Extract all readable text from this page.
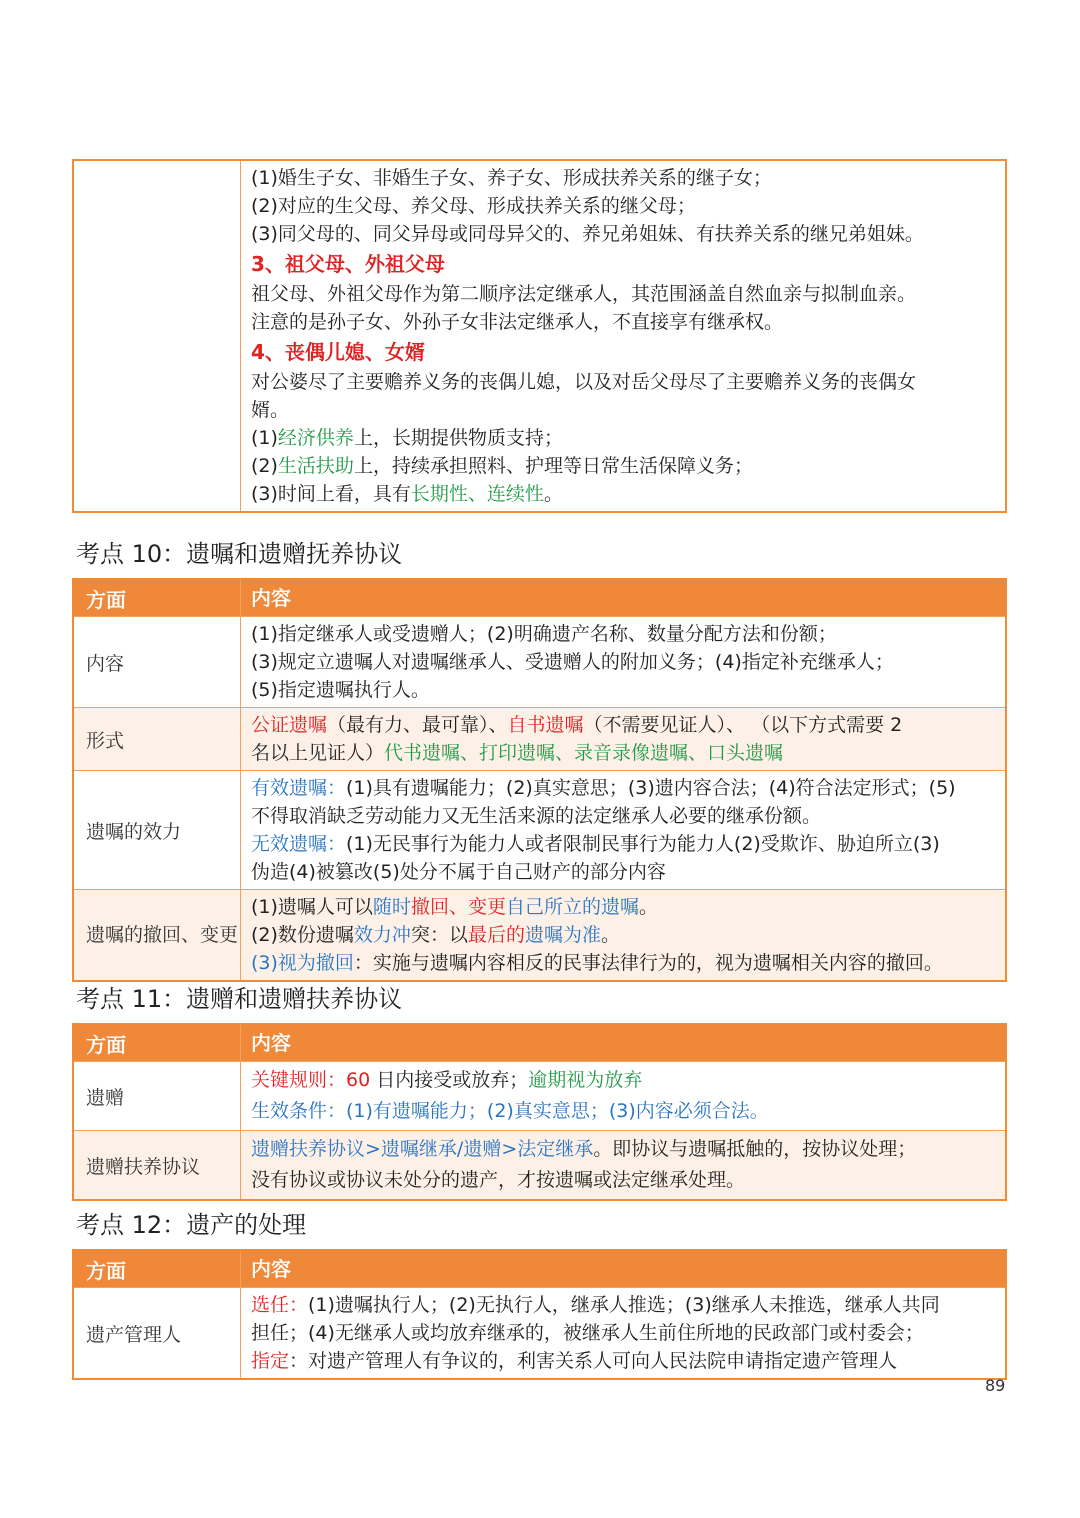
(1)婚生子女、非婚生子女、养子女、形成扶养关系的继子女；
(2)对应的生父母、养父母、形成扶养关系的继父母；
(3)同父母的、同父异母或同母异父的、养兄弟姐妹、有扶养关系的继兄弟姐妹。
3、祖父母、外祖父母
祖父母、外祖父母作为第二顺序法定继承人，其范围涵盖自然血亲与拟制血亲。
注意的是孙子女、外孙子女非法定继承人，不直接享有继承权。
4、丧偶儿媳、女婿
对公婆尽了主要赡养义务的丧偶儿媳，以及对岳父母尽了主要赡养义务的丧偶女
婿。
(1)经济供养上，长期提供物质支持；
(2)生活扶助上，持续承担照料、护理等日常生活保障义务；
(3)时间上看，具有长期性、连续性。
考点 10：遗嘱和遗赠抚养协议
方面	内容
内容	(1)指定继承人或受遗赠人；(2)明确遗产名称、数量分配方法和份额；
(3)规定立遗嘱人对遗嘱继承人、受遗赠人的附加义务；(4)指定补充继承人；
(5)指定遗嘱执行人。

形式	公证遗嘱（最有力、最可靠）、自书遗嘱（不需要见证人）、 （以下方式需要 2
名以上见证人）代书遗嘱、打印遗嘱、录音录像遗嘱、口头遗嘱

遗嘱的效力	有效遗嘱：(1)具有遗嘱能力；(2)真实意思；(3)遗内容合法；(4)符合法定形式；(5)
不得取消缺乏劳动能力又无生活来源的法定继承人必要的继承份额。
无效遗嘱：(1)无民事行为能力人或者限制民事行为能力人(2)受欺诈、胁迫所立(3)
伪造(4)被篡改(5)处分不属于自己财产的部分内容

遗嘱的撤回、变更	(1)遗嘱人可以随时撤回、变更自己所立的遗嘱。
(2)数份遗嘱效力冲突：以最后的遗嘱为准。
(3)视为撤回：实施与遗嘱内容相反的民事法律行为的，视为遗嘱相关内容的撤回。
考点 11：遗赠和遗赠扶养协议
方面	内容
遗赠	关键规则：60 日内接受或放弃；逾期视为放弃
生效条件：(1)有遗嘱能力；(2)真实意思；(3)内容必须合法。

遗赠扶养协议	遗赠扶养协议>遗嘱继承/遗赠>法定继承。即协议与遗嘱抵触的，按协议处理；
没有协议或协议未处分的遗产，才按遗嘱或法定继承处理。
考点 12：遗产的处理
方面	内容
遗产管理人	选任：(1)遗嘱执行人；(2)无执行人，继承人推选；(3)继承人未推选，继承人共同
担任；(4)无继承人或均放弃继承的，被继承人生前住所地的民政部门或村委会；
指定：对遗产管理人有争议的，利害关系人可向人民法院申请指定遗产管理人
89
